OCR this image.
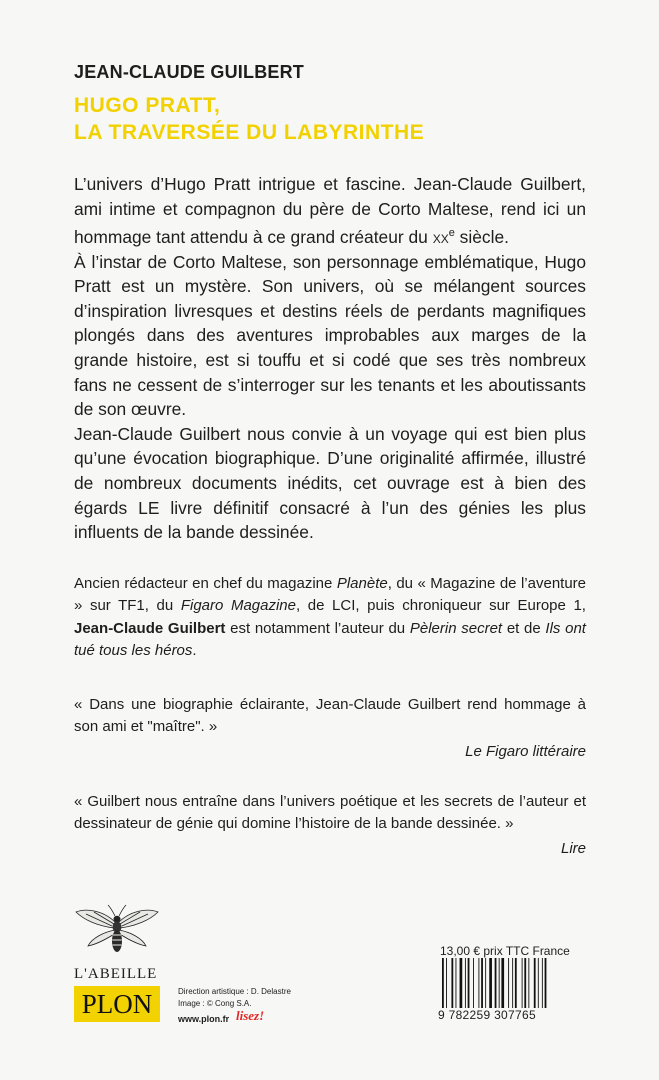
JEAN-CLAUDE GUILBERT
HUGO PRATT,
LA TRAVERSÉE DU LABYRINTHE

L’univers d’Hugo Pratt intrigue et fascine. Jean-Claude Guilbert, ami intime et compagnon du père de Corto Maltese, rend ici un hommage tant attendu à ce grand créateur du $xx^e$ siècle.

À l’instar de Corto Maltese, son personnage emblématique, Hugo Pratt est un mystère. Son univers, où se mélangent sources d’inspiration livresques et destins réels de perdants magnifiques plongés dans des aventures improbables aux marges de la grande histoire, est si touffu et si codé que ses très nombreux fans ne cessent de s’interroger sur les tenants et les aboutissants de son œuvre.

Jean-Claude Guilbert nous convie à un voyage qui est bien plus qu’une évocation biographique. D’une originalité affirmée, illustré de nombreux documents inédits, cet ouvrage est à bien des égards LE livre définitif consacré à l’un des génies les plus influents de la bande dessinée.

Ancien rédacteur en chef du magazine Planète, du « Magazine de l’aventure » sur TF1, du Figaro Magazine, de LCI, puis chroniqueur sur Europe 1, Jean-Claude Guilbert est notamment l’auteur du Pèlerin secret et de Ils ont tué tous les héros.

« Dans une biographie éclairante, Jean-Claude Guilbert rend hommage à son ami et "maître". »

Le Figaro littéraire

« Guilbert nous entraîne dans l’univers poétique et les secrets de l’auteur et dessinateur de génie qui domine l’histoire de la bande dessinée. »

Lire
L'ABEILLE
PLON	Direction artistique : D. Delastre
Image : © Cong S.A.
www.plon.fr lisez!
13,00 € prix TTC France
9 782259 307765
